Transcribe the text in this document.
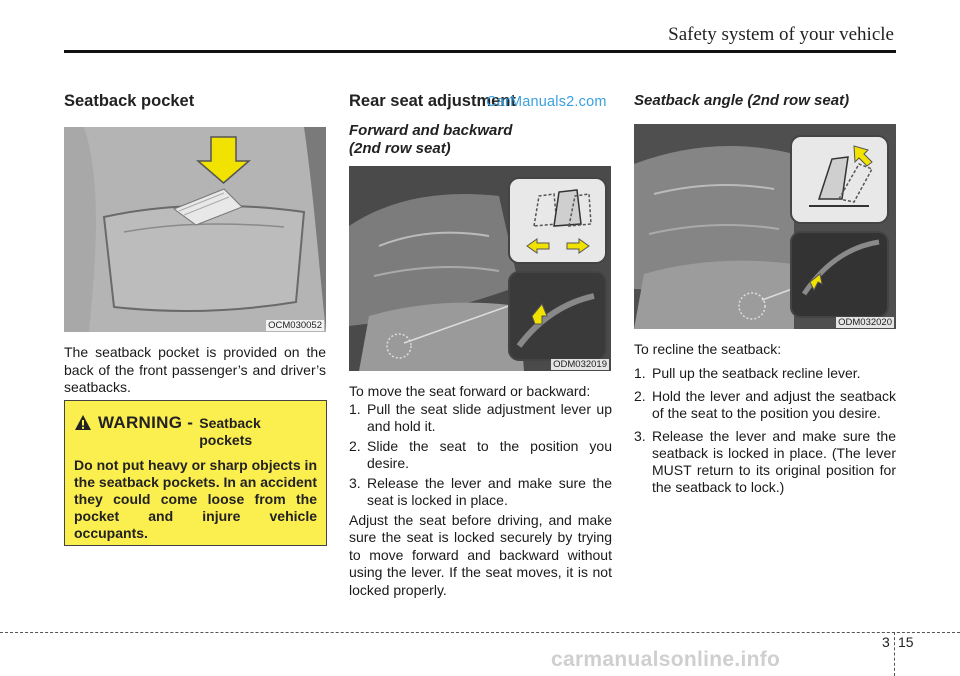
Safety system of your vehicle
Seatback pocket
OCM030052

The seatback pocket is provided on the back of the front passenger’s and driver’s seatbacks.

WARNING - Seatback pockets
Do not put heavy or sharp objects in the seatback pockets. In an accident they could come loose from the pocket and injure vehicle occupants.
Rear seat adjustment
Forward and backward
(2nd row seat)
ODM032019

To move the seat forward or backward:

1. Pull the seat slide adjustment lever up and hold it.
2. Slide the seat to the position you desire.
3. Release the lever and make sure the seat is locked in place.

Adjust the seat before driving, and make sure the seat is locked securely by trying to move forward and backward without using the lever. If the seat moves, it is not locked properly.

Seatback angle (2nd row seat)
ODM032020

To recline the seatback:

1. Pull up the seatback recline lever.
2. Hold the lever and adjust the seatback of the seat to the position you desire.
3. Release the lever and make sure the seatback is locked in place. (The lever MUST return to its original position for the seatback to lock.)
CarManuals2.com
3 15
carmanualsonline.info
